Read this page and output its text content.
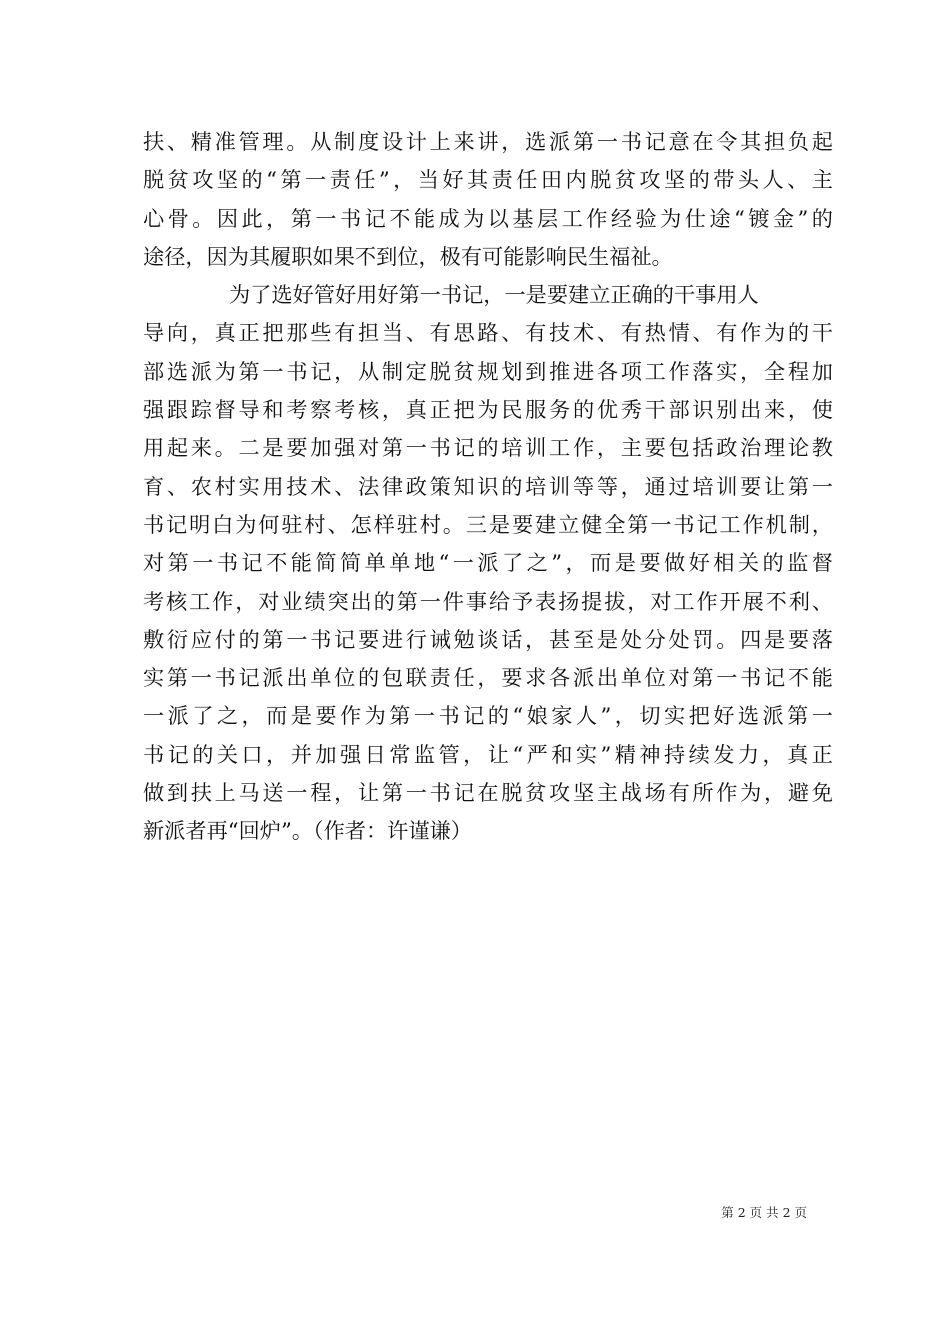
扶、精准管理。从制度设计上来讲，选派第一书记意在令其担负起
脱贫攻坚的“第一责任”，当好其责任田内脱贫攻坚的带头人、主
心骨。因此，第一书记不能成为以基层工作经验为仕途“镀金”的
途径，因为其履职如果不到位，极有可能影响民生福祉。
为了选好管好用好第一书记，一是要建立正确的干事用人
导向，真正把那些有担当、有思路、有技术、有热情、有作为的干
部选派为第一书记，从制定脱贫规划到推进各项工作落实，全程加
强跟踪督导和考察考核，真正把为民服务的优秀干部识别出来，使
用起来。二是要加强对第一书记的培训工作，主要包括政治理论教
育、农村实用技术、法律政策知识的培训等等，通过培训要让第一
书记明白为何驻村、怎样驻村。三是要建立健全第一书记工作机制，
对第一书记不能简简单单地“一派了之”，而是要做好相关的监督
考核工作，对业绩突出的第一件事给予表扬提拔，对工作开展不利、
敷衍应付的第一书记要进行诫勉谈话，甚至是处分处罚。四是要落
实第一书记派出单位的包联责任，要求各派出单位对第一书记不能
一派了之，而是要作为第一书记的“娘家人”，切实把好选派第一
书记的关口，并加强日常监管，让“严和实”精神持续发力，真正
做到扶上马送一程，让第一书记在脱贫攻坚主战场有所作为，避免
新派者再“回炉”。（作者：许谨谦）
第 2 页 共 2 页
